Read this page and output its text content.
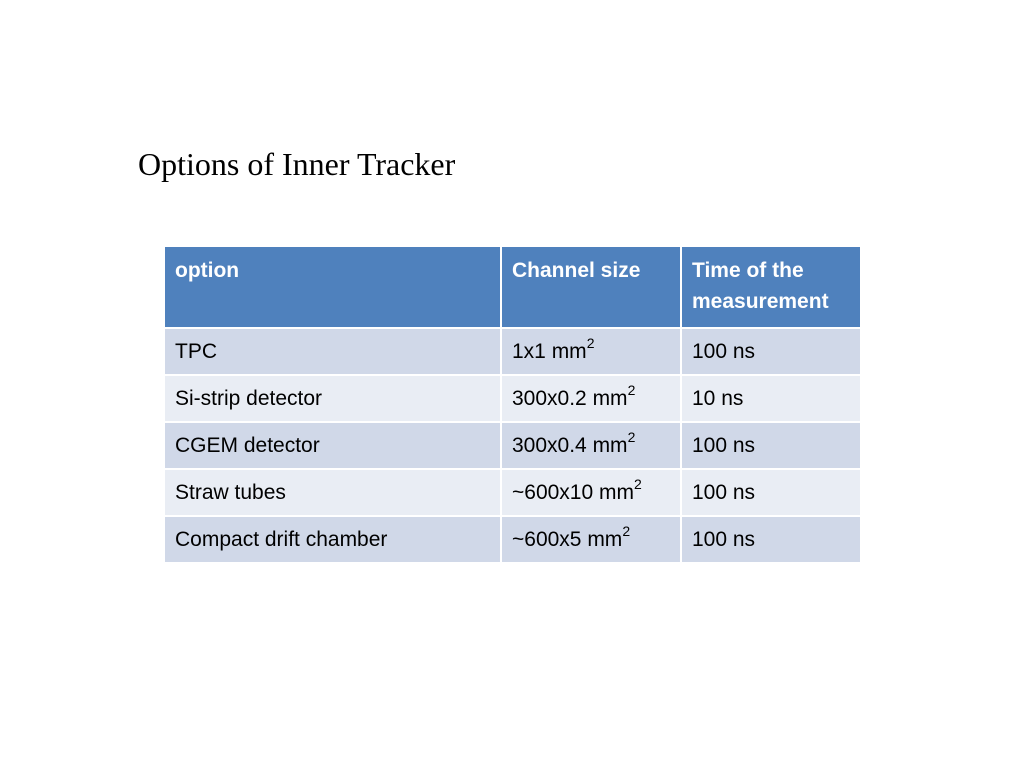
Options of Inner Tracker
option	Channel size	Time of the measurement
TPC	1x1 $mm^2$	100 ns
Si-strip detector	300x0.2 $mm^2$	10 ns
CGEM detector	300x0.4 $mm^2$	100 ns
Straw tubes	~600x10 $mm^2$	100 ns
Compact drift chamber	~600x5 $mm^2$	100 ns
